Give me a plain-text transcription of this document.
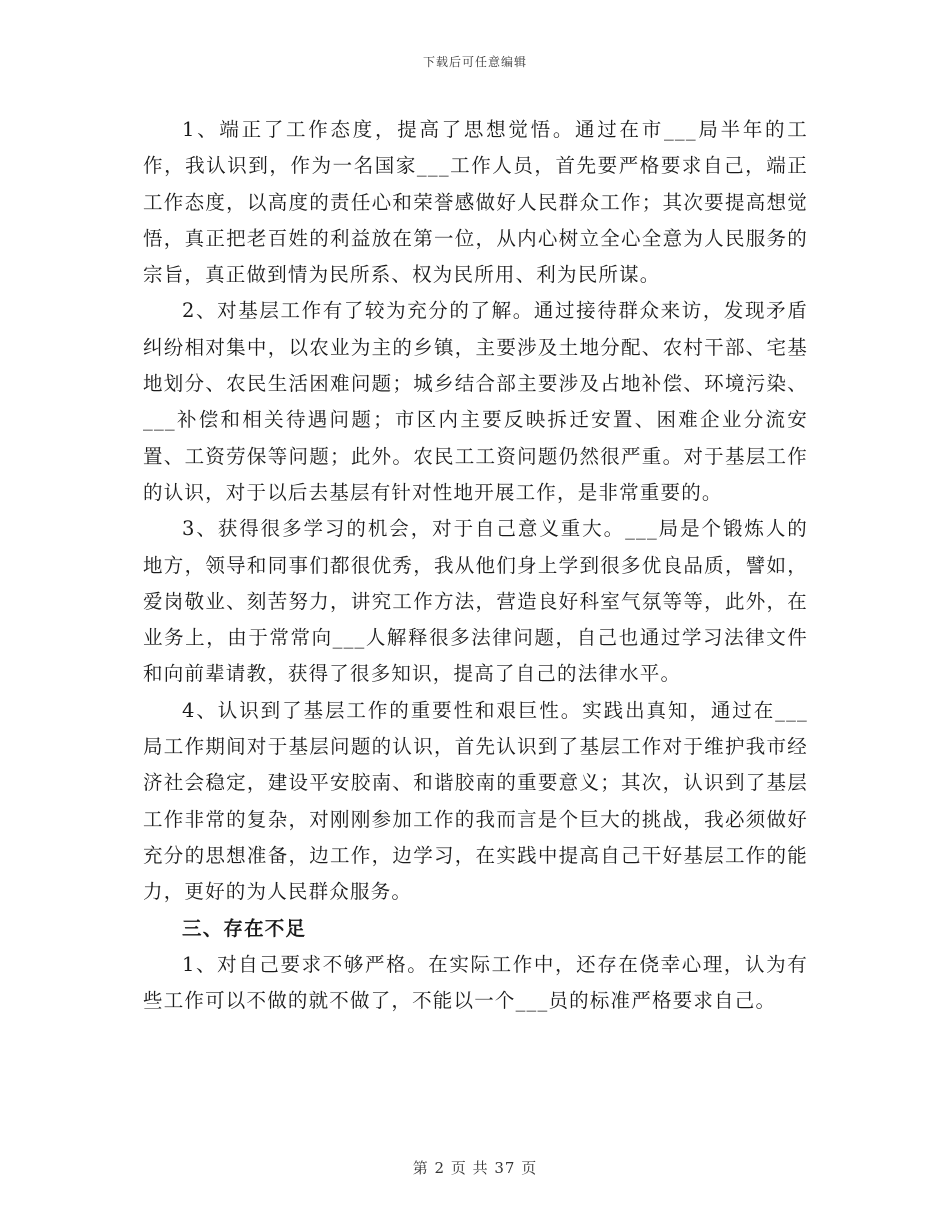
下载后可任意编辑

1、端正了工作态度，提高了思想觉悟。通过在市___局半年的工作，我认识到，作为一名国家___工作人员，首先要严格要求自己，端正工作态度，以高度的责任心和荣誉感做好人民群众工作；其次要提高想觉悟，真正把老百姓的利益放在第一位，从内心树立全心全意为人民服务的宗旨，真正做到情为民所系、权为民所用、利为民所谋。

2、对基层工作有了较为充分的了解。通过接待群众来访，发现矛盾纠纷相对集中，以农业为主的乡镇，主要涉及土地分配、农村干部、宅基地划分、农民生活困难问题；城乡结合部主要涉及占地补偿、环境污染、___补偿和相关待遇问题；市区内主要反映拆迁安置、困难企业分流安置、工资劳保等问题；此外。农民工工资问题仍然很严重。对于基层工作的认识，对于以后去基层有针对性地开展工作，是非常重要的。

3、获得很多学习的机会，对于自己意义重大。___局是个锻炼人的地方，领导和同事们都很优秀，我从他们身上学到很多优良品质，譬如，爱岗敬业、刻苦努力，讲究工作方法，营造良好科室气氛等等，此外，在业务上，由于常常向___人解释很多法律问题，自己也通过学习法律文件和向前辈请教，获得了很多知识，提高了自己的法律水平。

4、认识到了基层工作的重要性和艰巨性。实践出真知，通过在___局工作期间对于基层问题的认识，首先认识到了基层工作对于维护我市经济社会稳定，建设平安胶南、和谐胶南的重要意义；其次，认识到了基层工作非常的复杂，对刚刚参加工作的我而言是个巨大的挑战，我必须做好充分的思想准备，边工作，边学习，在实践中提高自己干好基层工作的能力，更好的为人民群众服务。

三、存在不足

1、对自己要求不够严格。在实际工作中，还存在侥幸心理，认为有些工作可以不做的就不做了，不能以一个___员的标准严格要求自己。

第 2 页 共 37 页
